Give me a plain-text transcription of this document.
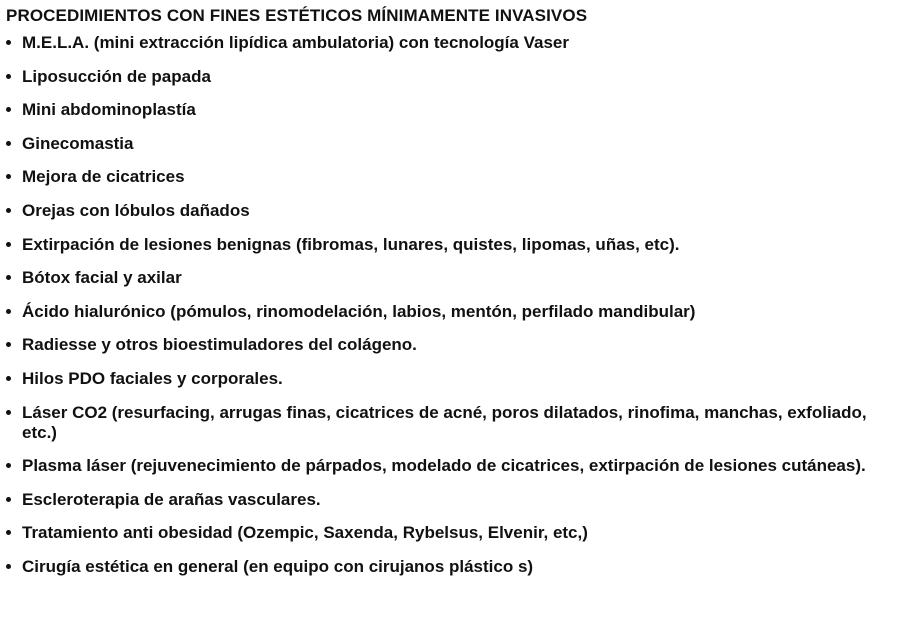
PROCEDIMIENTOS CON FINES ESTÉTICOS MÍNIMAMENTE INVASIVOS
M.E.L.A. (mini extracción lipídica ambulatoria) con tecnología Vaser
Liposucción de papada
Mini abdominoplastía
Ginecomastia
Mejora de cicatrices
Orejas con lóbulos dañados
Extirpación de lesiones benignas (fibromas, lunares, quistes, lipomas, uñas, etc).
Bótox facial y axilar
Ácido hialurónico (pómulos, rinomodelación, labios, mentón, perfilado mandibular)
Radiesse y otros bioestimuladores del colágeno.
Hilos PDO faciales y corporales.
Láser CO2 (resurfacing, arrugas finas, cicatrices de acné, poros dilatados, rinofima, manchas, exfoliado, etc.)
Plasma láser (rejuvenecimiento de párpados, modelado de cicatrices, extirpación de lesiones cutáneas).
Escleroterapia de arañas vasculares.
Tratamiento anti obesidad (Ozempic, Saxenda, Rybelsus, Elvenir, etc,)
Cirugía estética en general (en equipo con cirujanos plástico s)
